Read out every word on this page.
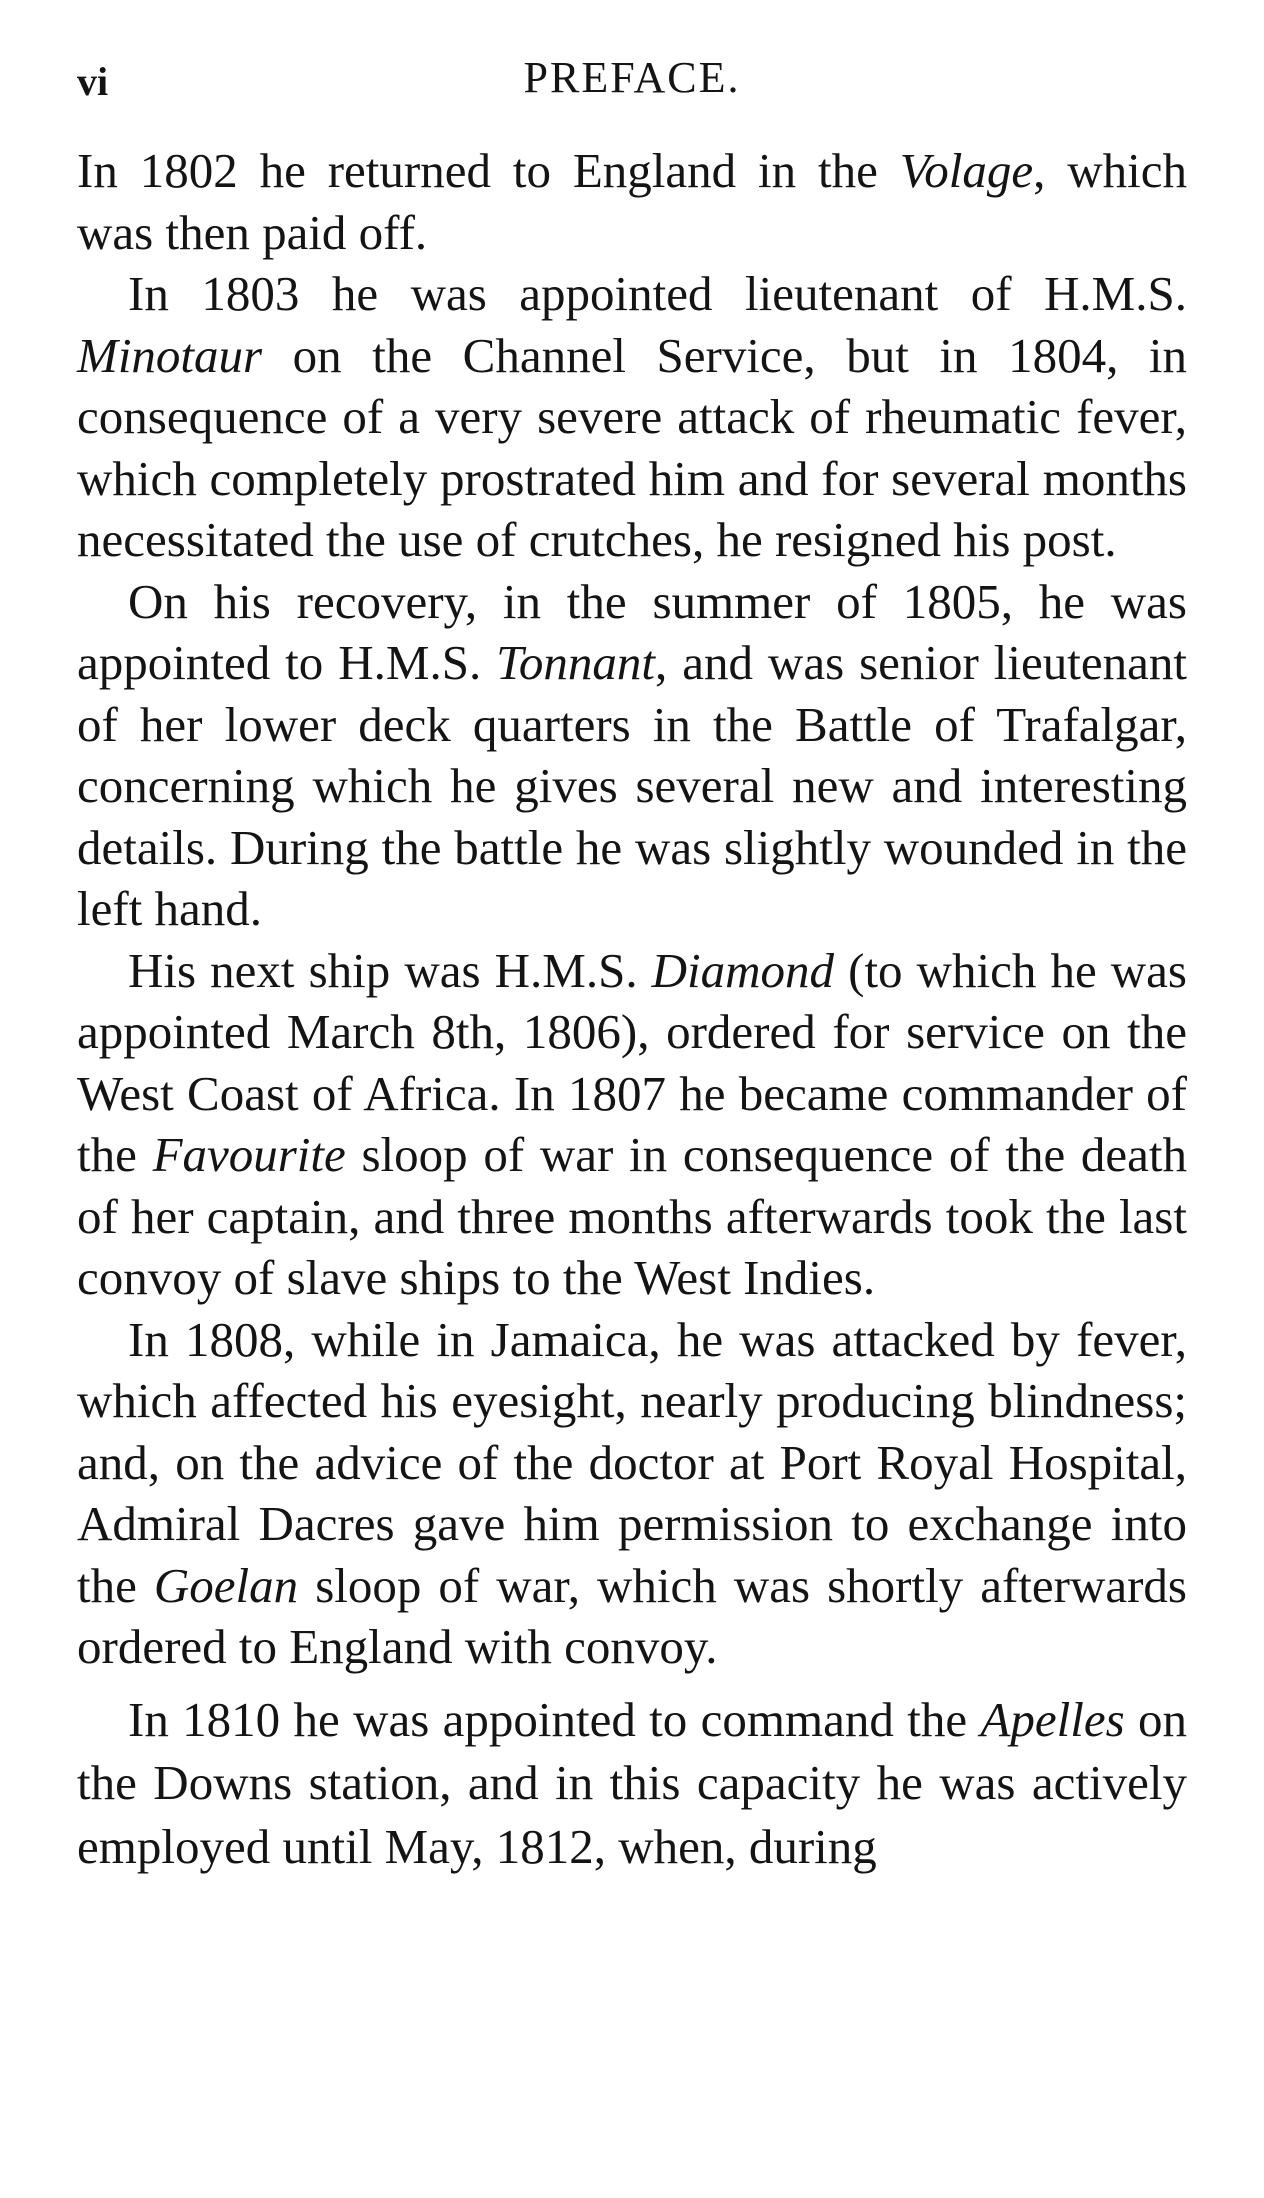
vi	PREFACE.

In 1802 he returned to England in the Volage, which was then paid off.

In 1803 he was appointed lieutenant of H.M.S. Minotaur on the Channel Service, but in 1804, in consequence of a very severe attack of rheumatic fever, which completely prostrated him and for several months necessitated the use of crutches, he resigned his post.

On his recovery, in the summer of 1805, he was appointed to H.M.S. Tonnant, and was senior lieutenant of her lower deck quarters in the Battle of Trafalgar, concerning which he gives several new and interesting details. During the battle he was slightly wounded in the left hand.

His next ship was H.M.S. Diamond (to which he was appointed March 8th, 1806), ordered for service on the West Coast of Africa. In 1807 he became commander of the Favourite sloop of war in consequence of the death of her captain, and three months afterwards took the last convoy of slave ships to the West Indies.

In 1808, while in Jamaica, he was attacked by fever, which affected his eyesight, nearly producing blindness; and, on the advice of the doctor at Port Royal Hospital, Admiral Dacres gave him permission to exchange into the Goelan sloop of war, which was shortly afterwards ordered to England with convoy.

In 1810 he was appointed to command the Apelles on the Downs station, and in this capacity he was actively employed until May, 1812, when, during
